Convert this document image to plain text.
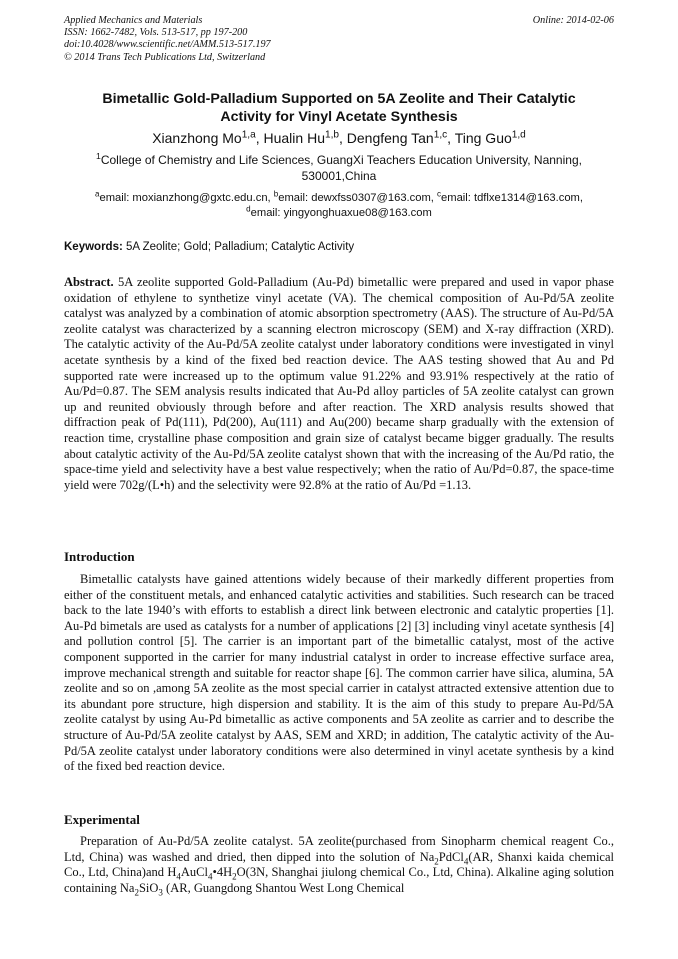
Applied Mechanics and Materials
ISSN: 1662-7482, Vols. 513-517, pp 197-200
doi:10.4028/www.scientific.net/AMM.513-517.197
© 2014 Trans Tech Publications Ltd, Switzerland
Online: 2014-02-06
Bimetallic Gold-Palladium Supported on 5A Zeolite and Their Catalytic
Activity for Vinyl Acetate Synthesis
Xianzhong Mo$^{1,a}$, Hualin Hu$^{1,b}$, Dengfeng Tan$^{1,c}$, Ting Guo$^{1,d}$
$^1$College of Chemistry and Life Sciences, GuangXi Teachers Education University, Nanning,
530001,China
$^a$email: moxianzhong@gxtc.edu.cn, $^b$email: dewxfss0307@163.com, $^c$email: tdflxe1314@163.com,
$^d$email: yingyonghuaxue08@163.com
Keywords: 5A Zeolite; Gold; Palladium; Catalytic Activity
Abstract. 5A zeolite supported Gold-Palladium (Au-Pd) bimetallic were prepared and used in vapor phase oxidation of ethylene to synthetize vinyl acetate (VA). The chemical composition of Au-Pd/5A zeolite catalyst was analyzed by a combination of atomic absorption spectrometry (AAS). The structure of Au-Pd/5A zeolite catalyst was characterized by a scanning electron microscopy (SEM) and X-ray diffraction (XRD). The catalytic activity of the Au-Pd/5A zeolite catalyst under laboratory conditions were investigated in vinyl acetate synthesis by a kind of the fixed bed reaction device. The AAS testing showed that Au and Pd supported rate were increased up to the optimum value 91.22% and 93.91% respectively at the ratio of Au/Pd=0.87. The SEM analysis results indicated that Au-Pd alloy particles of 5A zeolite catalyst can grown up and reunited obviously through before and after reaction. The XRD analysis results showed that diffraction peak of Pd(111), Pd(200), Au(111) and Au(200) became sharp gradually with the extension of reaction time, crystalline phase composition and grain size of catalyst became bigger gradually. The results about catalytic activity of the Au-Pd/5A zeolite catalyst shown that with the increasing of the Au/Pd ratio, the space-time yield and selectivity have a best value respectively; when the ratio of Au/Pd=0.87, the space-time yield were 702g/(L•h) and the selectivity were 92.8% at the ratio of Au/Pd =1.13.
Introduction
Bimetallic catalysts have gained attentions widely because of their markedly different properties from either of the constituent metals, and enhanced catalytic activities and stabilities. Such research can be traced back to the late 1940’s with efforts to establish a direct link between electronic and catalytic properties [1]. Au-Pd bimetals are used as catalysts for a number of applications [2] [3] including vinyl acetate synthesis [4] and pollution control [5]. The carrier is an important part of the bimetallic catalyst, most of the active component supported in the carrier for many industrial catalyst in order to increase effective surface area, improve mechanical strength and suitable for reactor shape [6]. The common carrier have silica, alumina, 5A zeolite and so on ,among 5A zeolite as the most special carrier in catalyst attracted extensive attention due to its abundant pore structure, high dispersion and stability. It is the aim of this study to prepare Au-Pd/5A zeolite catalyst by using Au-Pd bimetallic as active components and 5A zeolite as carrier and to describe the structure of Au-Pd/5A zeolite catalyst by AAS, SEM and XRD; in addition, The catalytic activity of the Au-Pd/5A zeolite catalyst under laboratory conditions were also determined in vinyl acetate synthesis by a kind of the fixed bed reaction device.
Experimental
Preparation of Au-Pd/5A zeolite catalyst. 5A zeolite(purchased from Sinopharm chemical reagent Co., Ltd, China) was washed and dried, then dipped into the solution of $Na_2PdCl_4(AR$, Shanxi kaida chemical Co., Ltd, China)and $H_4AuCl_4•4H_2O(3N$, Shanghai jiulong chemical Co., Ltd, China). Alkaline aging solution containing $Na_2SiO_3$ (AR, Guangdong Shantou West Long Chemical
